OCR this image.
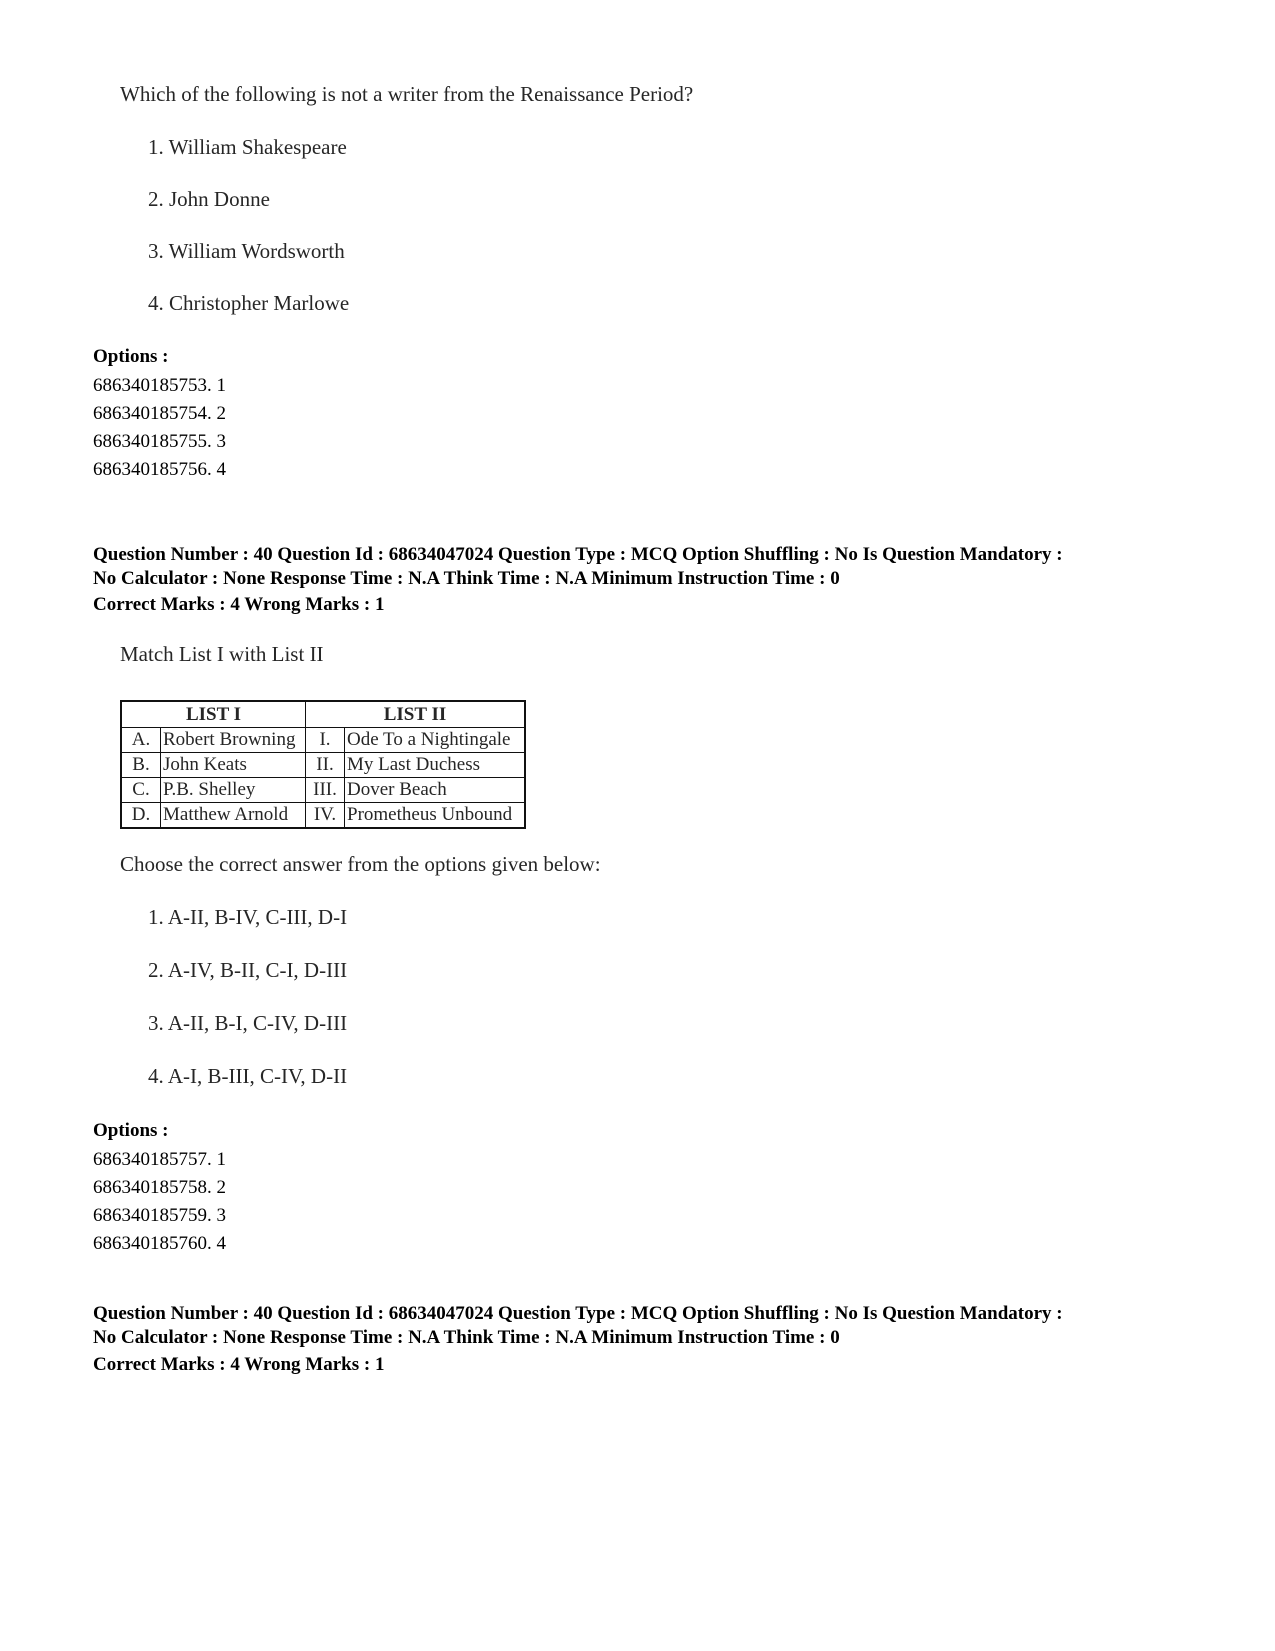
Which of the following is not a writer from the Renaissance Period?

1. William Shakespeare

2. John Donne

3. William Wordsworth

4. Christopher Marlowe

Options :

686340185753. 1
686340185754. 2
686340185755. 3
686340185756. 4
Question Number : 40 Question Id : 68634047024 Question Type : MCQ Option Shuffling : No Is Question Mandatory :
No Calculator : None Response Time : N.A Think Time : N.A Minimum Instruction Time : 0

Correct Marks : 4 Wrong Marks : 1

Match List I with List II

LIST I		LIST II	
A.	Robert Browning	I.	Ode To a Nightingale
B.	John Keats	II.	My Last Duchess
C.	P.B. Shelley	III.	Dover Beach
D.	Matthew Arnold	IV.	Prometheus Unbound

Choose the correct answer from the options given below:

1. A-II, B-IV, C-III, D-I

2. A-IV, B-II, C-I, D-III

3. A-II, B-I, C-IV, D-III

4. A-I, B-III, C-IV, D-II

Options :

686340185757. 1
686340185758. 2
686340185759. 3
686340185760. 4
Question Number : 40 Question Id : 68634047024 Question Type : MCQ Option Shuffling : No Is Question Mandatory :
No Calculator : None Response Time : N.A Think Time : N.A Minimum Instruction Time : 0

Correct Marks : 4 Wrong Marks : 1
